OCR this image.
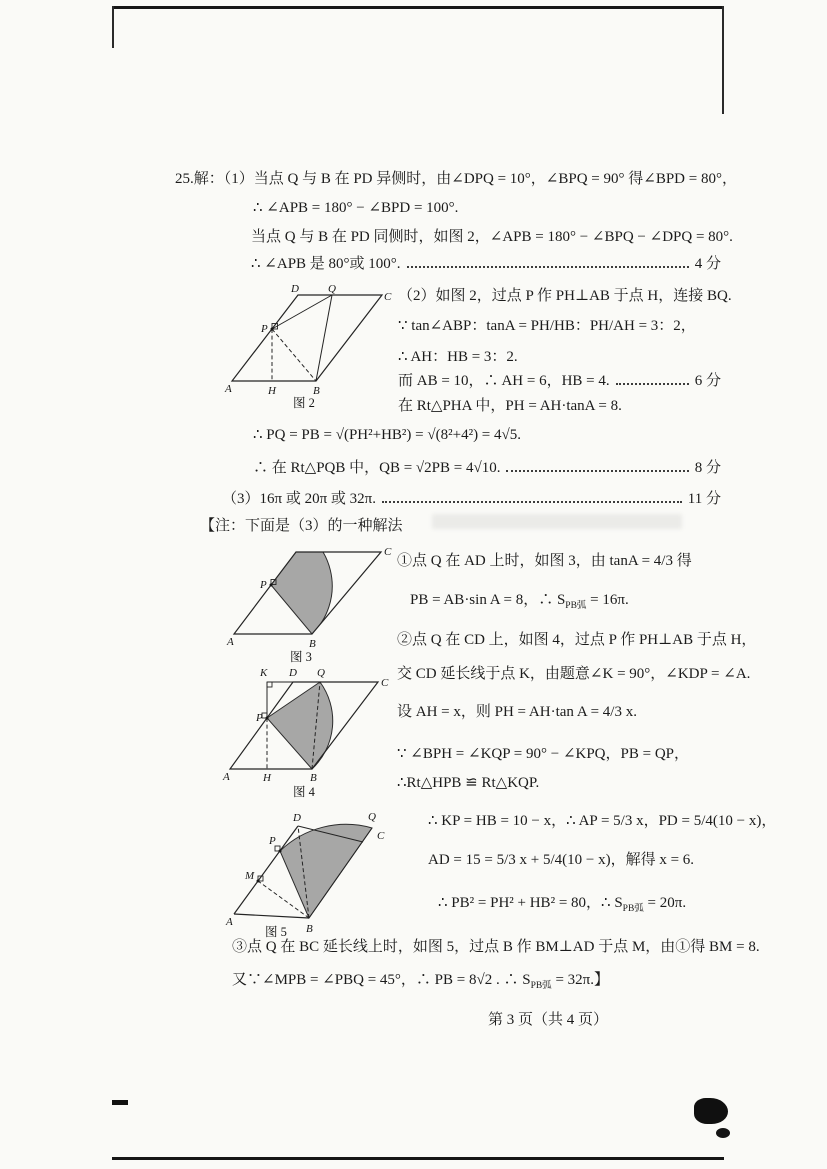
25.解：（1）当点 Q 与 B 在 PD 异侧时，由∠DPQ = 10°，∠BPQ = 90° 得∠BPD = 80°，
∴ ∠APB = 180° − ∠BPD = 100°.
当点 Q 与 B 在 PD 同侧时，如图 2，∠APB = 180° − ∠BPQ − ∠DPQ = 80°.
∴ ∠APB 是 80°或 100°.	4 分
D	Q
C
P
A	H	B
图 2
（2）如图 2，过点 P 作 PH⊥AB 于点 H，连接 BQ.
∵ tan∠ABP：tanA = PH/HB：PH/AH = 3：2，
∴ AH：HB = 3：2.
而 AB = 10，∴ AH = 6，HB = 4.	6 分
在 Rt△PHA 中，PH = AH·tanA = 8.
∴ PQ = PB = √(PH²+HB²) = √(8²+4²) = 4√5.
∴ 在 Rt△PQB 中，QB = √2PB = 4√10.	8 分
（3）16π 或 20π 或 32π.	11 分
【注：下面是（3）的一种解法
C
P
A	B
图 3
①点 Q 在 AD 上时，如图 3，由 tanA = 4/3 得
PB = AB·sin A = 8，∴ $S_{PB弧} = 16\pi$.
②点 Q 在 CD 上，如图 4，过点 P 作 PH⊥AB 于点 H，
交 CD 延长线于点 K，由题意∠K = 90°，∠KDP = ∠A.
K D Q
C
P
A	H	B
图 4
设 AH = x，则 PH = AH·tan A = 4/3 x.
∵ ∠BPH = ∠KQP = 90° − ∠KPQ，PB = QP，
∴Rt△HPB ≌ Rt△KQP.
P
D	Q
C
M
A
B
图 5
∴ KP = HB = 10 − x，∴ AP = 5/3 x，PD = 5/4(10 − x)，
AD = 15 = 5/3 x + 5/4(10 − x)，解得 x = 6.
∴ PB² = PH² + HB² = 80，∴ $S_{PB弧} = 20\pi$.
③点 Q 在 BC 延长线上时，如图 5，过点 B 作 BM⊥AD 于点 M，由①得 BM = 8.
又∵∠MPB = ∠PBQ = 45°，∴ PB = 8√2 . ∴ $S_{PB弧} = 32\pi$.】
第 3 页（共 4 页）
